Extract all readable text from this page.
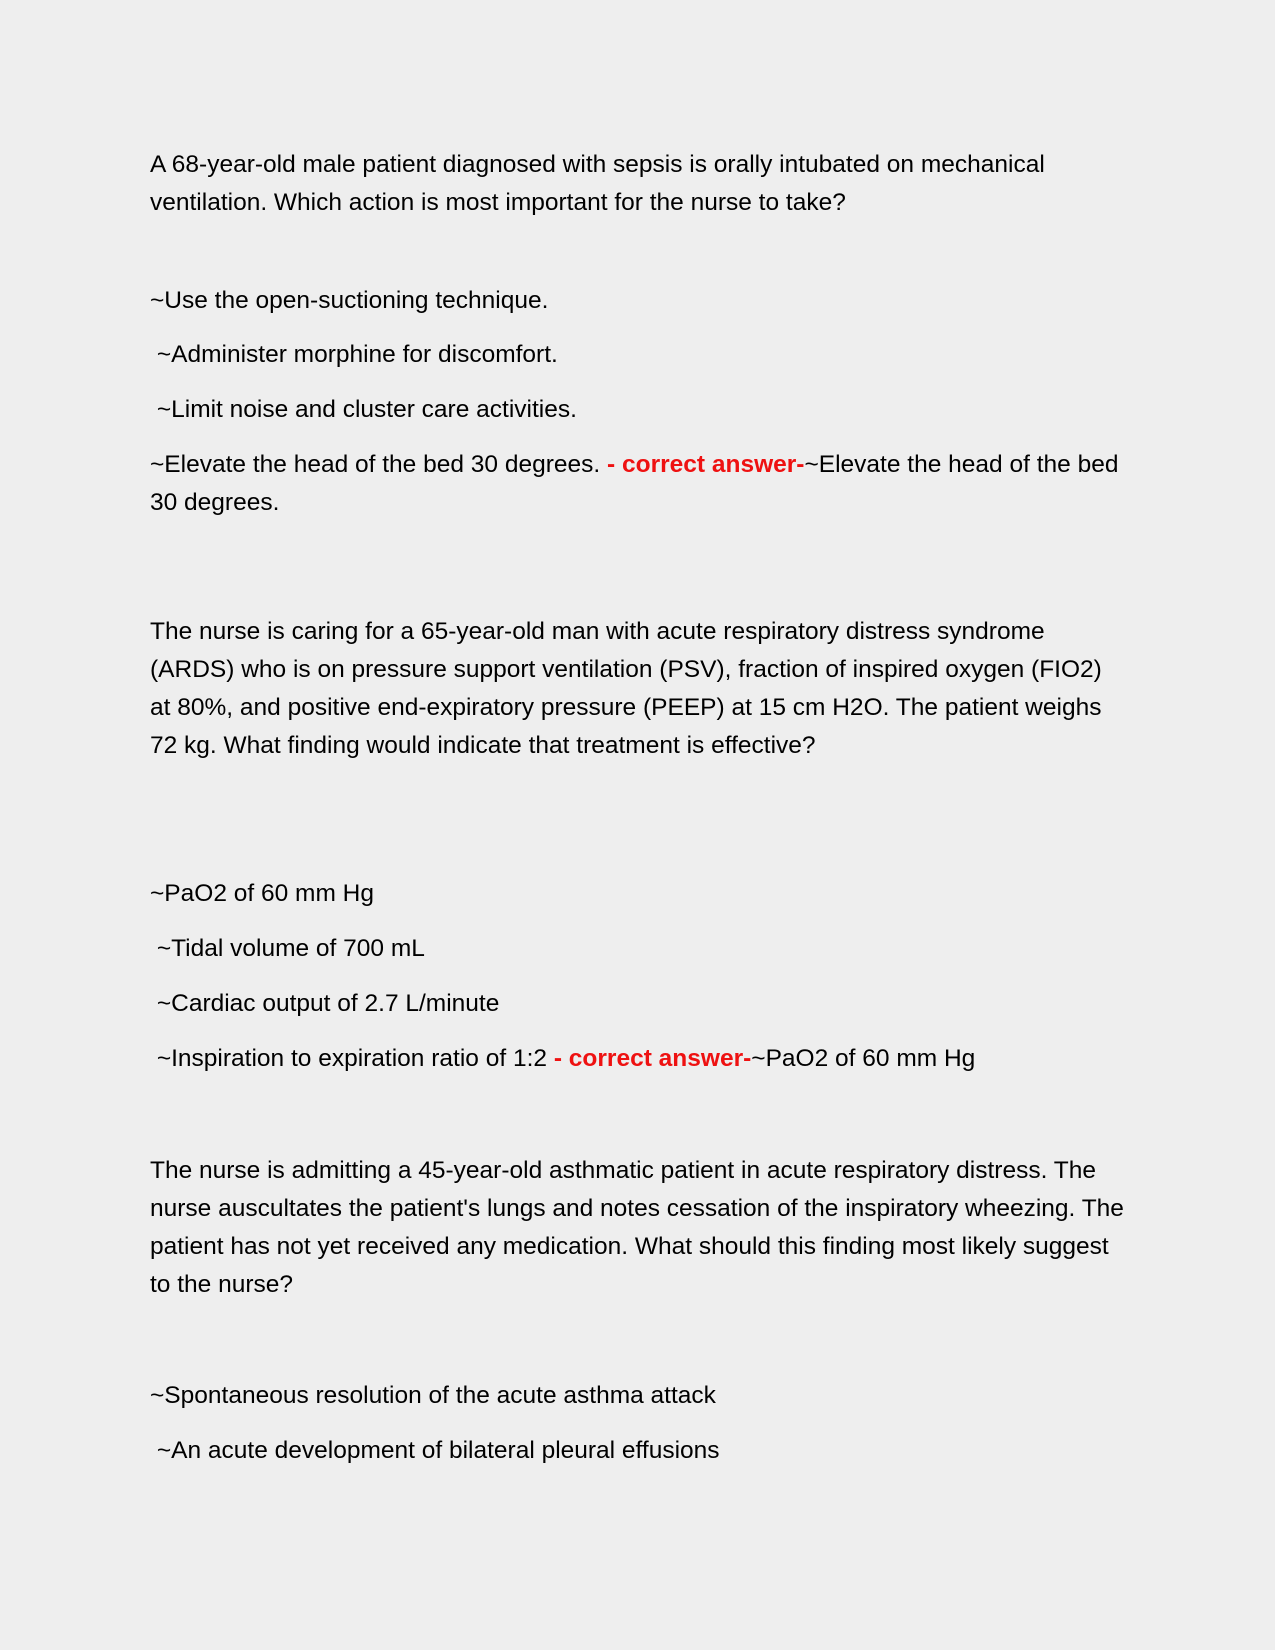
A 68-year-old male patient diagnosed with sepsis is orally intubated on mechanical ventilation. Which action is most important for the nurse to take?

~Use the open-suctioning technique.

~Administer morphine for discomfort.

~Limit noise and cluster care activities.

~Elevate the head of the bed 30 degrees. - correct answer-~Elevate the head of the bed 30 degrees.

The nurse is caring for a 65-year-old man with acute respiratory distress syndrome (ARDS) who is on pressure support ventilation (PSV), fraction of inspired oxygen (FIO2) at 80%, and positive end-expiratory pressure (PEEP) at 15 cm H2O. The patient weighs 72 kg. What finding would indicate that treatment is effective?

~PaO2 of 60 mm Hg

~Tidal volume of 700 mL

~Cardiac output of 2.7 L/minute

~Inspiration to expiration ratio of 1:2 - correct answer-~PaO2 of 60 mm Hg

The nurse is admitting a 45-year-old asthmatic patient in acute respiratory distress. The nurse auscultates the patient's lungs and notes cessation of the inspiratory wheezing. The patient has not yet received any medication. What should this finding most likely suggest to the nurse?

~Spontaneous resolution of the acute asthma attack

~An acute development of bilateral pleural effusions
